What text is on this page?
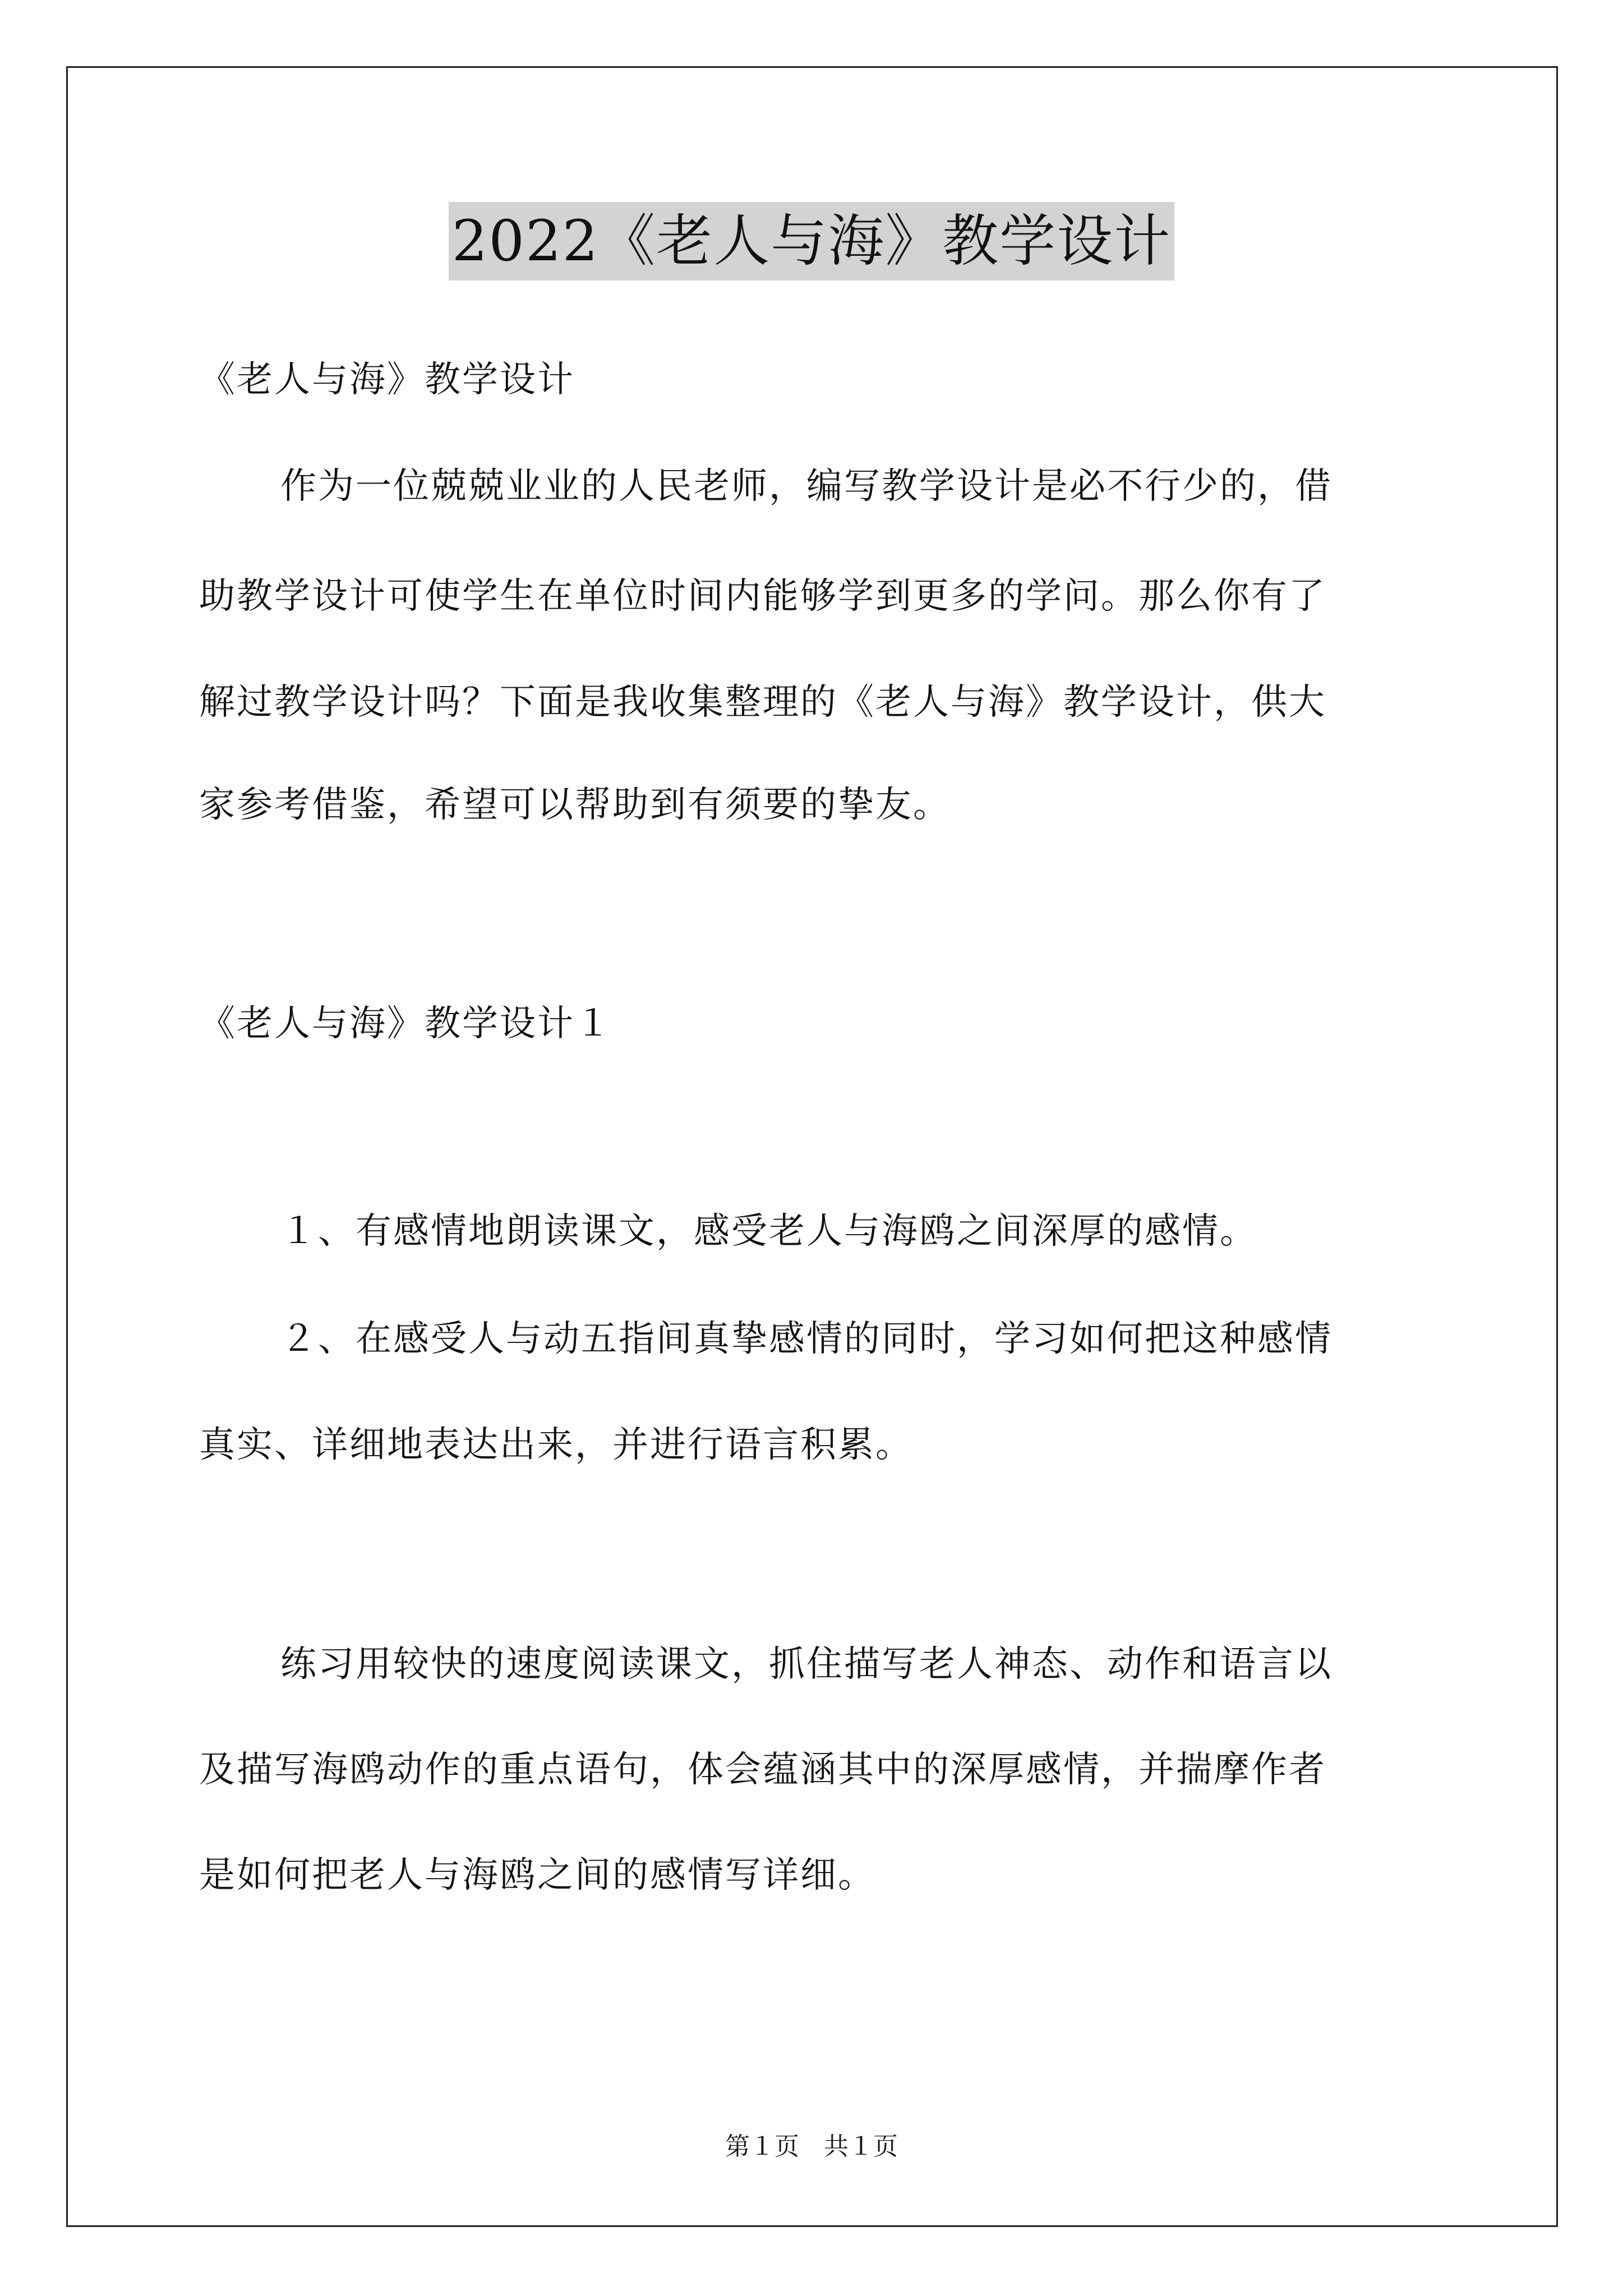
2022《老人与海》教学设计
《老人与海》教学设计
作为一位兢兢业业的人民老师，编写教学设计是必不行少的，借
助教学设计可使学生在单位时间内能够学到更多的学问。那么你有了
解过教学设计吗？下面是我收集整理的《老人与海》教学设计，供大
家参考借鉴，希望可以帮助到有须要的挚友。
《老人与海》教学设计１
１、有感情地朗读课文，感受老人与海鸥之间深厚的感情。
２、在感受人与动五指间真挚感情的同时，学习如何把这种感情
真实、详细地表达出来，并进行语言积累。
练习用较快的速度阅读课文，抓住描写老人神态、动作和语言以
及描写海鸥动作的重点语句，体会蕴涵其中的深厚感情，并揣摩作者
是如何把老人与海鸥之间的感情写详细。
第１页　共１页
